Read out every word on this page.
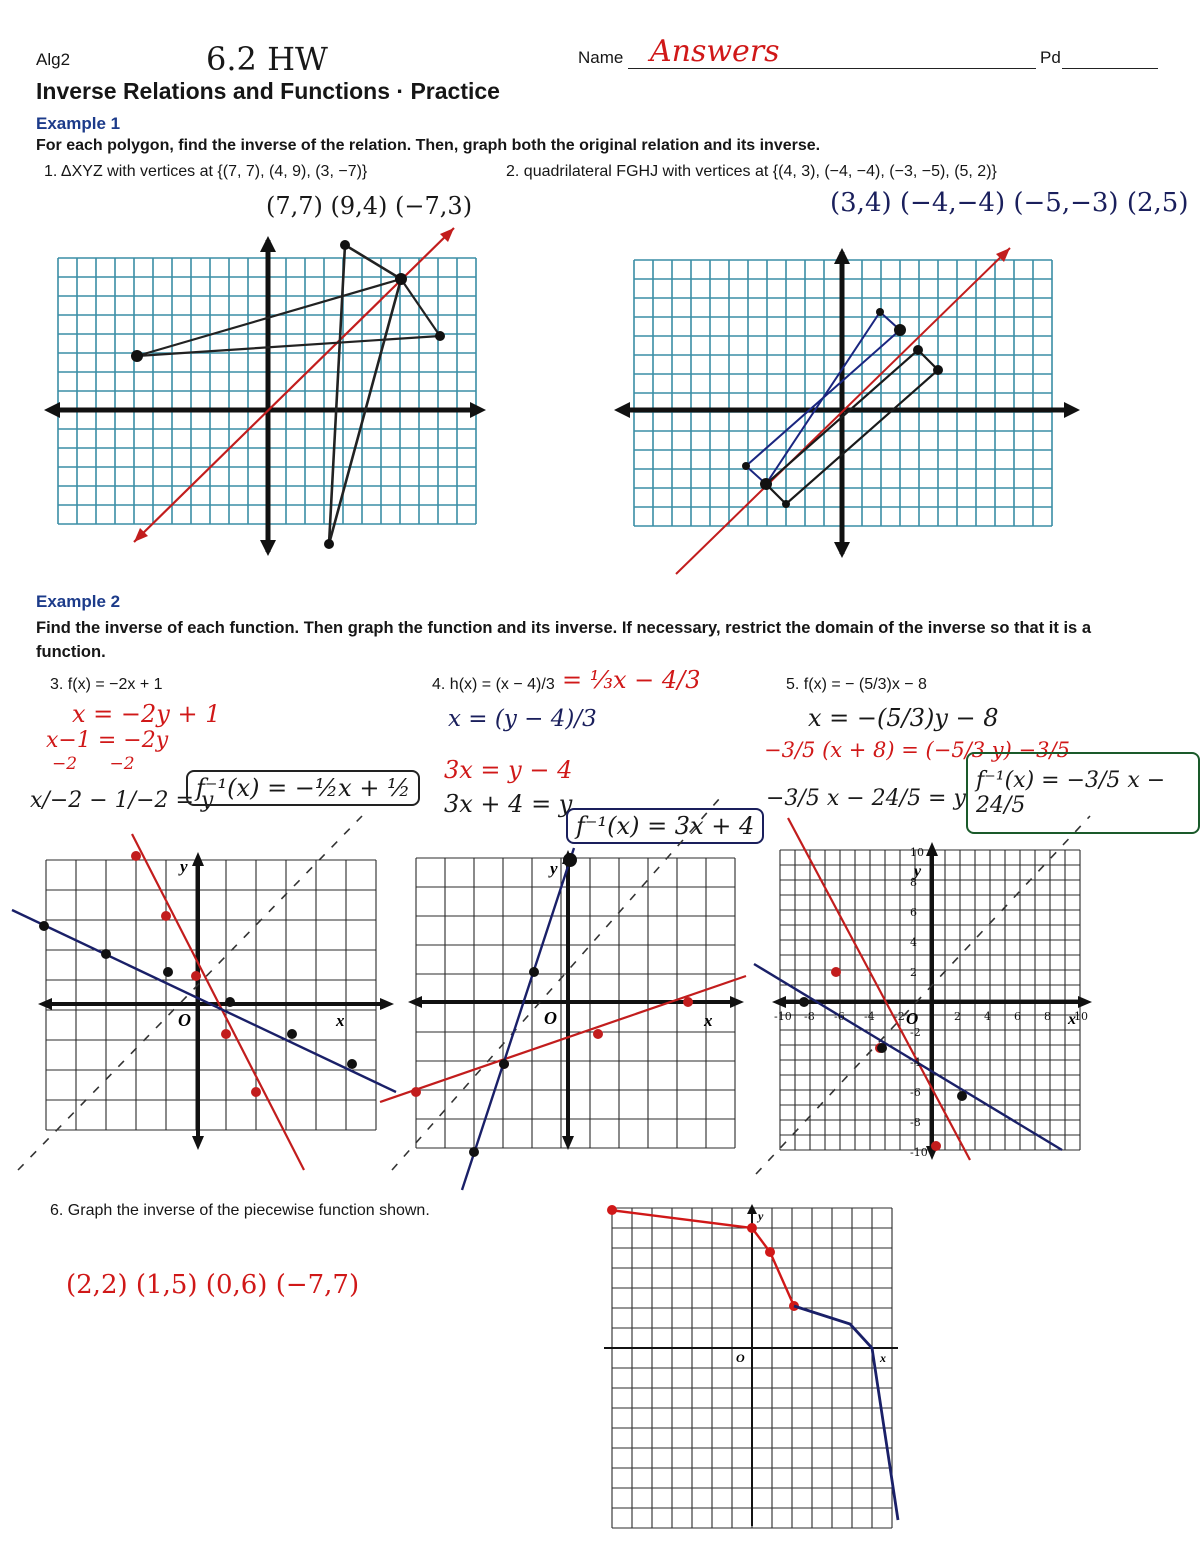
Alg2	6.2 HW	Name Answers	Pd
Inverse Relations and Functions · Practice
Example 1
For each polygon, find the inverse of the relation. Then, graph both the original relation and its inverse.
1. ΔXYZ with vertices at {(7, 7), (4, 9), (3, −7)}	2. quadrilateral FGHJ with vertices at {(4, 3), (−4, −4), (−3, −5), (5, 2)}
(7,7) (9,4) (−7,3)	(3,4) (−4,−4) (−5,−3) (2,5)
Example 2
Find the inverse of each function. Then graph the function and its inverse. If necessary, restrict the domain of the inverse so that it is a function.
3. f(x) = −2x + 1	4. h(x) = (x − 4)/3	5. f(x) = − (5/3)x − 8
x = −2y + 1
x−1 = −2y
−2      −2
x/−2 − 1/−2 = y
f⁻¹(x) = −½x + ½
= ⅓x − 4/3
x = (y − 4)/3
3x = y − 4
3x + 4 = y
f⁻¹(x) = 3x + 4
x = −(5/3)y − 8
−3/5 (x + 8) = (−5/3 y) −3/5
−3/5 x − 24/5 = y
f⁻¹(x) = −3/5 x − 24/5
y
x
O
y
x
O
y
x
O
-10 -8 -6 -4 -2	2 4 6 8 10
10
8
6
4
2
-2
-4
-6
-8
-10
6. Graph the inverse of the piecewise function shown.
(2,2) (1,5) (0,6) (−7,7)
y
x
O
